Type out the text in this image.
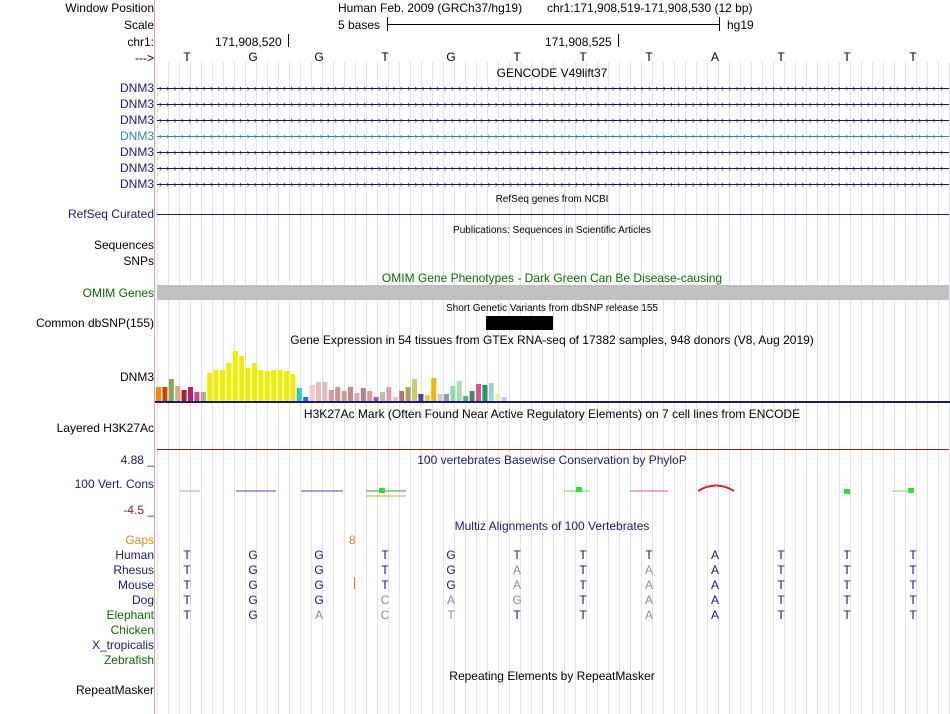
Window Position	Human Feb. 2009 (GRCh37/hg19) chr1:171,908,519-171,908,530 (12 bp)
Scale	5 bases	hg19
chr1:	171,908,520	171,908,525
--->	T	G	G	T	G	T	T	T	A	T	T	T
GENCODE V49lift37
DNM3 › › › › › › › › › › › › › › › › › › › › › › › › › › › › › › › › › › › › › › › › › › › › › › › › › › › › › › › › › › › › › › › › › › › › › › › › › › › › › › › › › › › › › › › › › › › › › › › › › › › › › › › › › › › ›
DNM3 › › › › › › › › › › › › › › › › › › › › › › › › › › › › › › › › › › › › › › › › › › › › › › › › › › › › › › › › › › › › › › › › › › › › › › › › › › › › › › › › › › › › › › › › › › › › › › › › › › › › › › › › › › › ›
DNM3 › › › › › › › › › › › › › › › › › › › › › › › › › › › › › › › › › › › › › › › › › › › › › › › › › › › › › › › › › › › › › › › › › › › › › › › › › › › › › › › › › › › › › › › › › › › › › › › › › › › › › › › › › › › ›
DNM3 › › › › › › › › › › › › › › › › › › › › › › › › › › › › › › › › › › › › › › › › › › › › › › › › › › › › › › › › › › › › › › › › › › › › › › › › › › › › › › › › › › › › › › › › › › › › › › › › › › › › › › › › › › › ›
DNM3 › › › › › › › › › › › › › › › › › › › › › › › › › › › › › › › › › › › › › › › › › › › › › › › › › › › › › › › › › › › › › › › › › › › › › › › › › › › › › › › › › › › › › › › › › › › › › › › › › › › › › › › › › › › ›
DNM3 › › › › › › › › › › › › › › › › › › › › › › › › › › › › › › › › › › › › › › › › › › › › › › › › › › › › › › › › › › › › › › › › › › › › › › › › › › › › › › › › › › › › › › › › › › › › › › › › › › › › › › › › › › › ›
DNM3 › › › › › › › › › › › › › › › › › › › › › › › › › › › › › › › › › › › › › › › › › › › › › › › › › › › › › › › › › › › › › › › › › › › › › › › › › › › › › › › › › › › › › › › › › › › › › › › › › › › › › › › › › › › ›
RefSeq genes from NCBI
RefSeq Curated
Publications: Sequences in Scientific Articles
Sequences
SNPs
OMIM Gene Phenotypes - Dark Green Can Be Disease-causing
OMIM Genes
Short Genetic Variants from dbSNP release 155
Common dbSNP(155)
Gene Expression in 54 tissues from GTEx RNA-seq of 17382 samples, 948 donors (V8, Aug 2019)
DNM3
H3K27Ac Mark (Often Found Near Active Regulatory Elements) on 7 cell lines from ENCODE
Layered H3K27Ac
4.88 _	100 vertebrates Basewise Conservation by PhyloP
100 Vert. Cons
-4.5 _
Multiz Alignments of 100 Vertebrates
Gaps	8
Human	T	G	G	T	G	T	T	T	A	T	T	T
Rhesus	T	G	G	T	G	A	T	A	A	T	T	T
Mouse	T	G	G	T	G	A	T	A	A	T	T	T
Dog	T	G	G	C	A	G	T	A	A	T	T	T
Elephant	T	G	A	C	T	T	T	A	A	T	T	T
Chicken
X_tropicalis
Zebrafish
Repeating Elements by RepeatMasker
RepeatMasker
